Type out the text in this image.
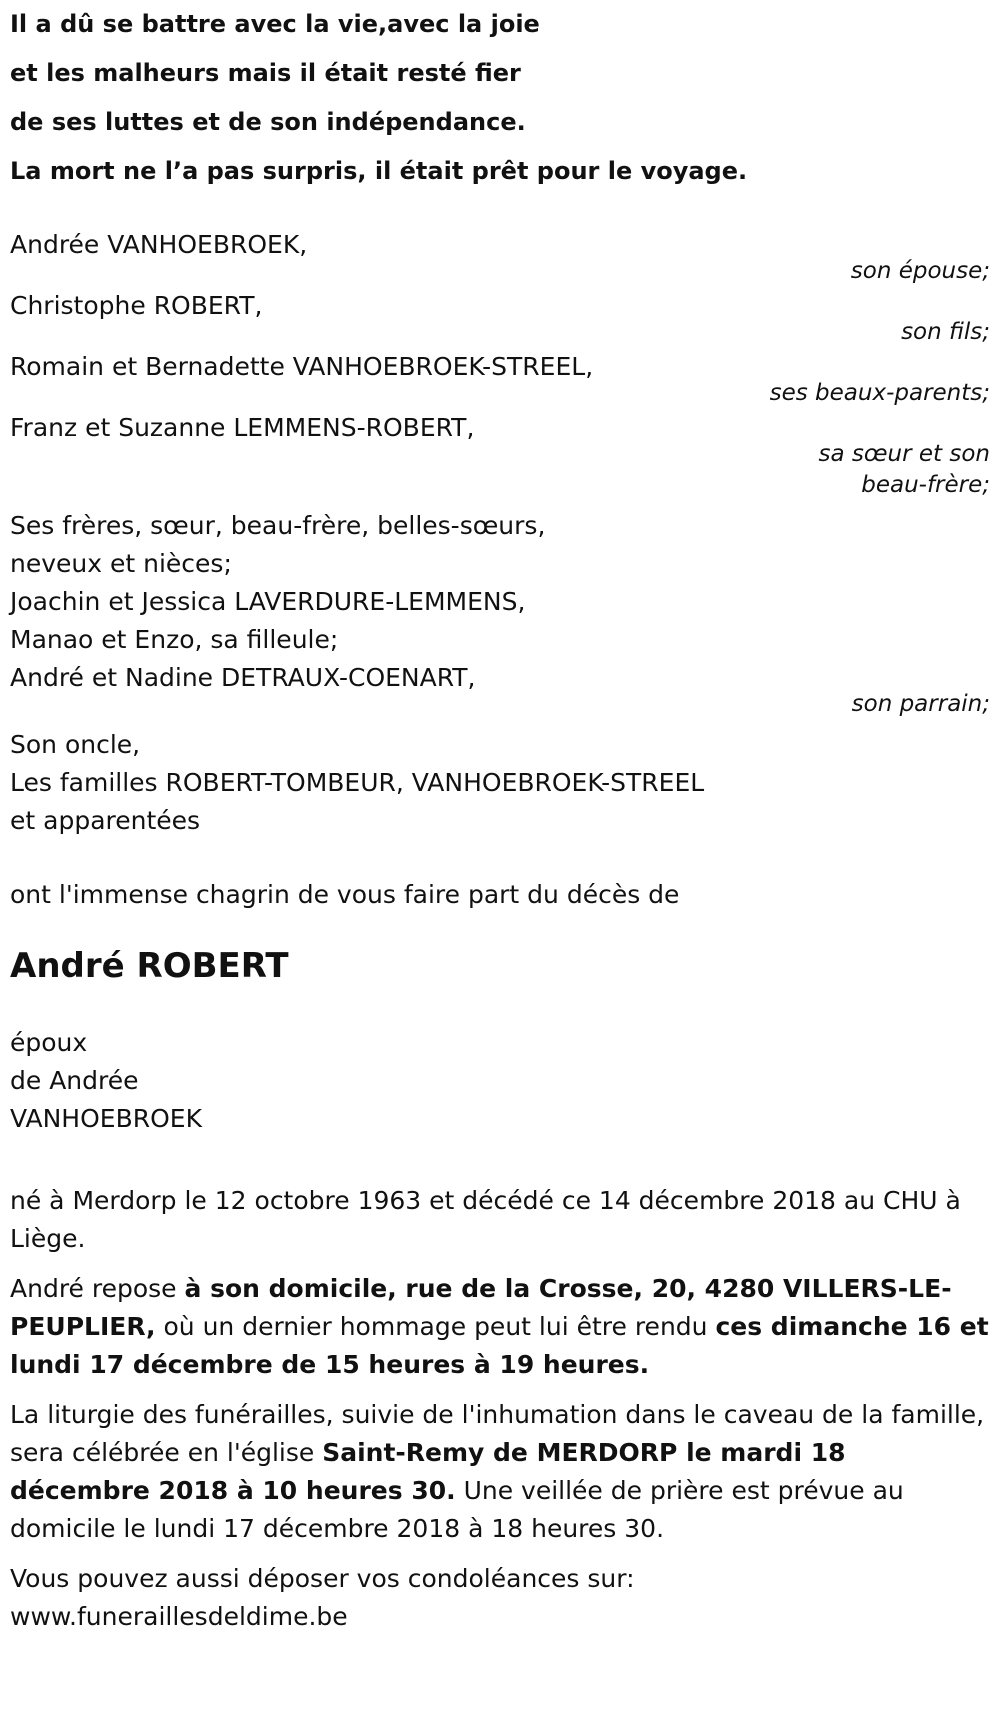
Il a dû se battre avec la vie,avec la joie

et les malheurs mais il était resté fier

de ses luttes et de son indépendance.

La mort ne l’a pas surpris, il était prêt pour le voyage.

Andrée VANHOEBROEK,
son épouse;
Christophe ROBERT,
son fils;
Romain et Bernadette VANHOEBROEK-STREEL,
ses beaux-parents;
Franz et Suzanne LEMMENS-ROBERT,
sa sœur et son
beau-frère;
Ses frères, sœur, beau-frère, belles-sœurs,
neveux et nièces;
Joachin et Jessica LAVERDURE-LEMMENS,
Manao et Enzo, sa filleule;
André et Nadine DETRAUX-COENART,
son parrain;
Son oncle,
Les familles ROBERT-TOMBEUR, VANHOEBROEK-STREEL
et apparentées
ont l'immense chagrin de vous faire part du décès de
André ROBERT
époux
de Andrée
VANHOEBROEK

né à Merdorp le 12 octobre 1963 et décédé ce 14 décembre 2018 au CHU à Liège.

André repose à son domicile, rue de la Crosse, 20, 4280 VILLERS-LE-PEUPLIER, où un dernier hommage peut lui être rendu ces dimanche 16 et lundi 17 décembre de 15 heures à 19 heures.

La liturgie des funérailles, suivie de l'inhumation dans le caveau de la famille, sera célébrée en l'église Saint-Remy de MERDORP le mardi 18 décembre 2018 à 10 heures 30. Une veillée de prière est prévue au domicile le lundi 17 décembre 2018 à 18 heures 30.

Vous pouvez aussi déposer vos condoléances sur:
www.funeraillesdeldime.be
